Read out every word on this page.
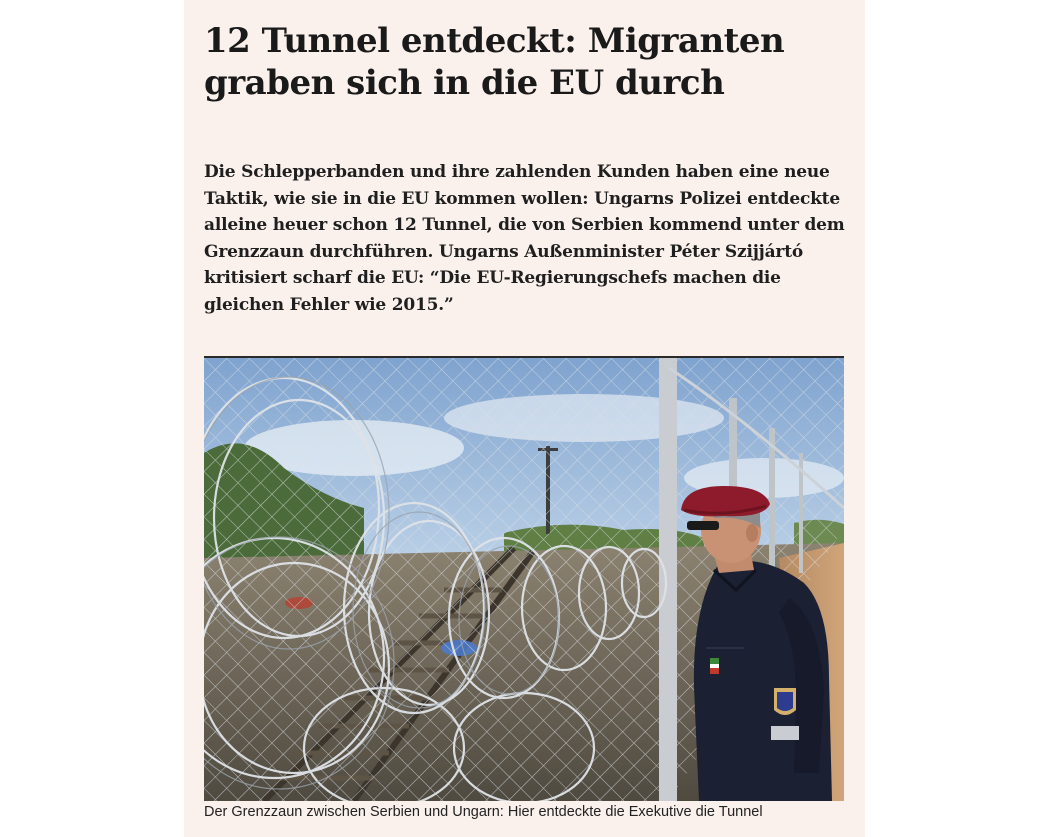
12 Tunnel entdeckt: Migranten graben sich in die EU durch

Die Schlepperbanden und ihre zahlenden Kunden haben eine neue Taktik, wie sie in die EU kommen wollen: Ungarns Polizei entdeckte alleine heuer schon 12 Tunnel, die von Serbien kommend unter dem Grenzzaun durchführen. Ungarns Außenminister Péter Szijjártó kritisiert scharf die EU: “Die EU-Regierungschefs machen die gleichen Fehler wie 2015.”

Der Grenzzaun zwischen Serbien und Ungarn: Hier entdeckte die Exekutive die Tunnel
